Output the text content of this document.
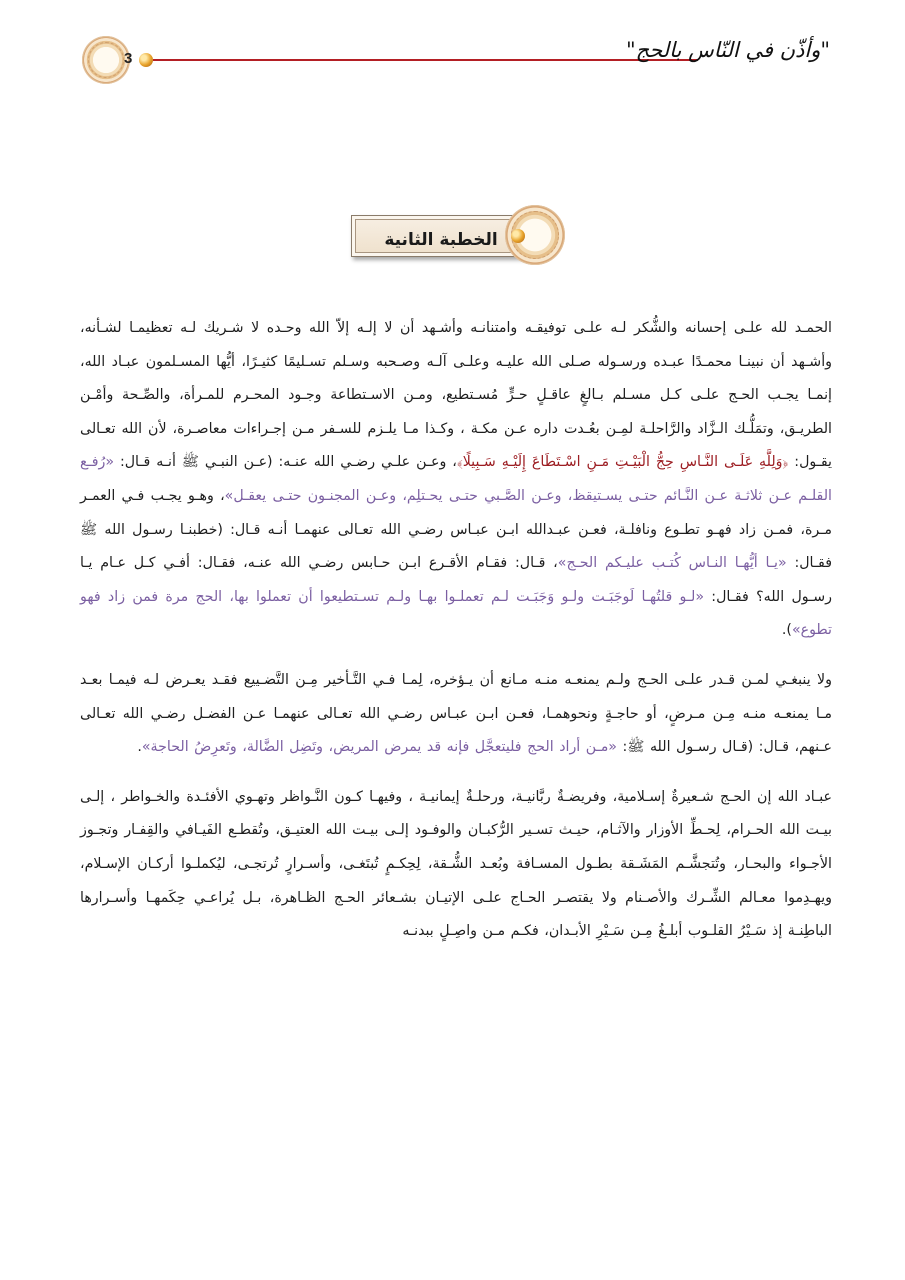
3	"وأذّن في النّاس بالحج"
الخطبة الثانية

الحمـد لله علـى إحسانه والشُّكر لـه علـى توفيقـه وامتنانـه وأشـهد أن لا إلـه إلاّ الله وحـده لا شـريك لـه تعظيمـا لشـأنه، وأشـهد أن نبينـا محمـدًا عبـده ورسـوله صـلى الله عليـه وعلـى آلـه وصـحبه وسـلم تسـليمًا كثيـرًا، أيُّها المسـلمون عبـاد الله، إنمـا يجـب الحـج علـى كـل مسـلم بـالغٍ عاقـلٍ حـرٍّ مُسـتطيع، ومـن الاسـتطاعة وجـود المحـرم للمـرأة، والصِّـحة وأمْـن الطريـق، وتمَلُّـك الـزَّاد والرَّاحلـة لمِـن بعُـدت داره عـن مكـة ، وكـذا مـا يلـزم للسـفر مـن إجـراءات معاصـرة، لأن الله تعـالى يقـول: ﴿وَلِلَّهِ عَلَـى النَّـاسِ حِجُّ الْبَيْـتِ مَـنِ اسْـتَطَاعَ إِلَيْـهِ سَـبِيلًا﴾، وعـن علـي رضـي الله عنـه: (عـن النبـي ﷺ أنـه قـال: «رُفـع القلـم عـن ثلاثـة عـن النَّـائم حتـى يسـتيقظ، وعـن الصَّـبي حتـى يحـتلِم، وعـن المجنـون حتـى يعقـل»، وهـو يجـب فـي العمـر مـرة، فمـن زاد فهـو تطـوع ونافلـة، فعـن عبـدالله ابـن عبـاس رضـي الله تعـالى عنهمـا أنـه قـال: (خطبنـا رسـول الله ﷺ فقـال: «يـا أيُّهـا النـاس كُتـب عليـكم الحـج»، قـال: فقـام الأقـرع ابـن حـابس رضـي الله عنـه، فقـال: أفـي كـل عـام يـا رسـول الله؟ فقـال: «لـو قلتُهـا لَوجَبَـت ولـو وَجَبَـت لـم تعملـوا بهـا ولـم تسـتطيعوا أن تعملوا بها، الحج مرة فمن زاد فهو تطوع»).

ولا ينبغـي لمـن قـدر علـى الحـج ولـم يمنعـه منـه مـانع أن يـؤخره، لِمـا فـي التَّـأخير مِـن التَّضـييع فقـد يعـرض لـه فيمـا بعـد مـا يمنعـه منـه مِـن مـرضٍ، أو حاجـةٍ ونحوهمـا، فعـن ابـن عبـاس رضـي الله تعـالى عنهمـا عـن الفضـل رضـي الله تعـالى عـنهم، قـال: (قـال رسـول الله ﷺ: «مـن أراد الحج فليتعجَّل فإنه قد يمرض المريض، وتَضِل الضَّالة، وتَعرِضُ الحاجة».

عبـاد الله إن الحـج شـعيرةٌ إسـلامية، وفريضـةٌ ربَّانيـة، ورحلـةٌ إيمانيـة ، وفيهـا كـون النَّـواظر وتهـوي الأفئـدة والخـواطر ، إلـى بيـت الله الحـرام، لِحـطِّ الأوزار والآثـام، حيـث تسـير الرُّكبـان والوفـود إلـى بيـت الله العتيـق، وتُقطـع الفَيـافي والقِفـار وتجـوز الأجـواء والبحـار، وتُتجشَّـم المَشَـقة بطـول المسـافة وبُعـد الشُّـقة، لِحِكـمٍ تُبتَغـى، وأسـرارٍ تُرتجـى، ليُكملـوا أركـان الإسـلام، ويهـدِموا معـالم الشِّـرك والأصـنام ولا يقتصـر الحـاج علـى الإتيـان بشـعائر الحـج الظـاهرة، بـل يُراعـي حِكَمهـا وأسـرارها الباطِنـة إذ سَـيْرُ القلـوب أبلـغُ مِـن سَـيْرِ الأبـدان، فكـم مـن واصِـلٍ ببدنـه
